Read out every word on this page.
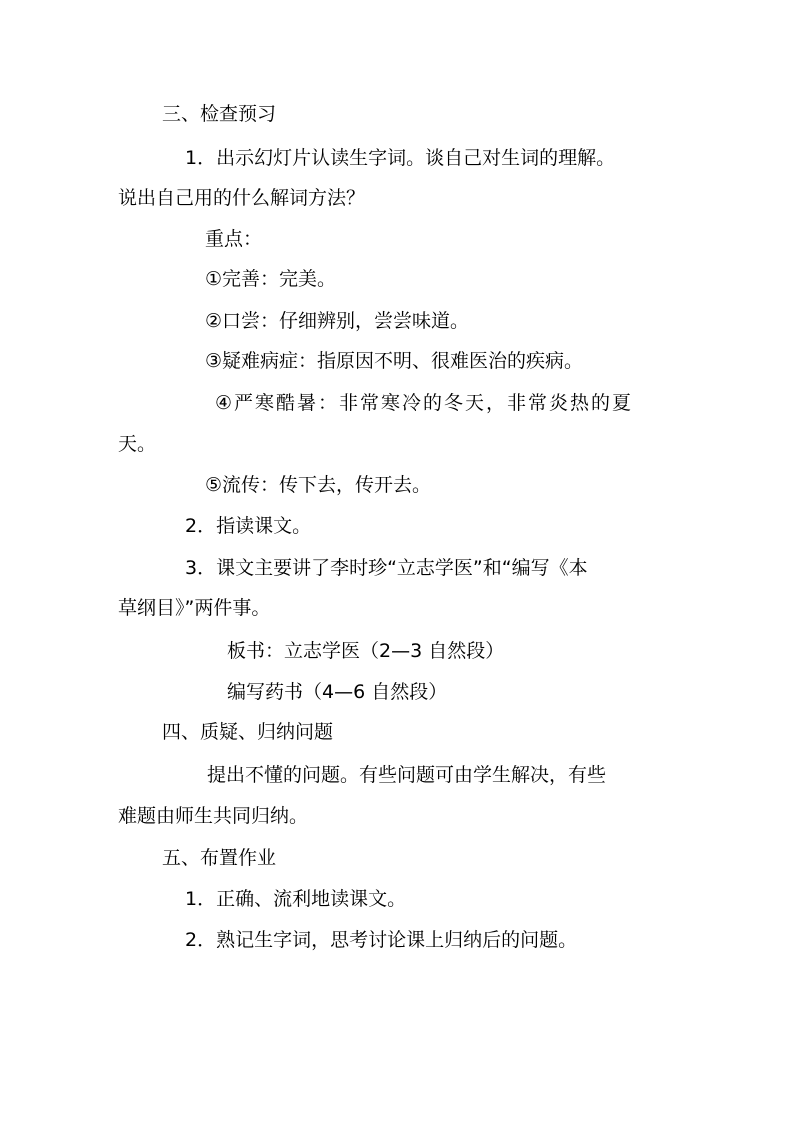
三、检查预习
1．出示幻灯片认读生字词。谈自己对生词的理解。
说出自己用的什么解词方法？
重点：
①完善：完美。
②口尝：仔细辨别，尝尝味道。
③疑难病症：指原因不明、很难医治的疾病。
④严寒酷暑：非常寒冷的冬天，非常炎热的夏
天。
⑤流传：传下去，传开去。
2．指读课文。
3．课文主要讲了李时珍“立志学医”和“编写《本
草纲目》”两件事。
板书：立志学医（2—3 自然段）
编写药书（4—6 自然段）
四、质疑、归纳问题
提出不懂的问题。有些问题可由学生解决，有些
难题由师生共同归纳。
五、布置作业
1．正确、流利地读课文。
2．熟记生字词，思考讨论课上归纳后的问题。
